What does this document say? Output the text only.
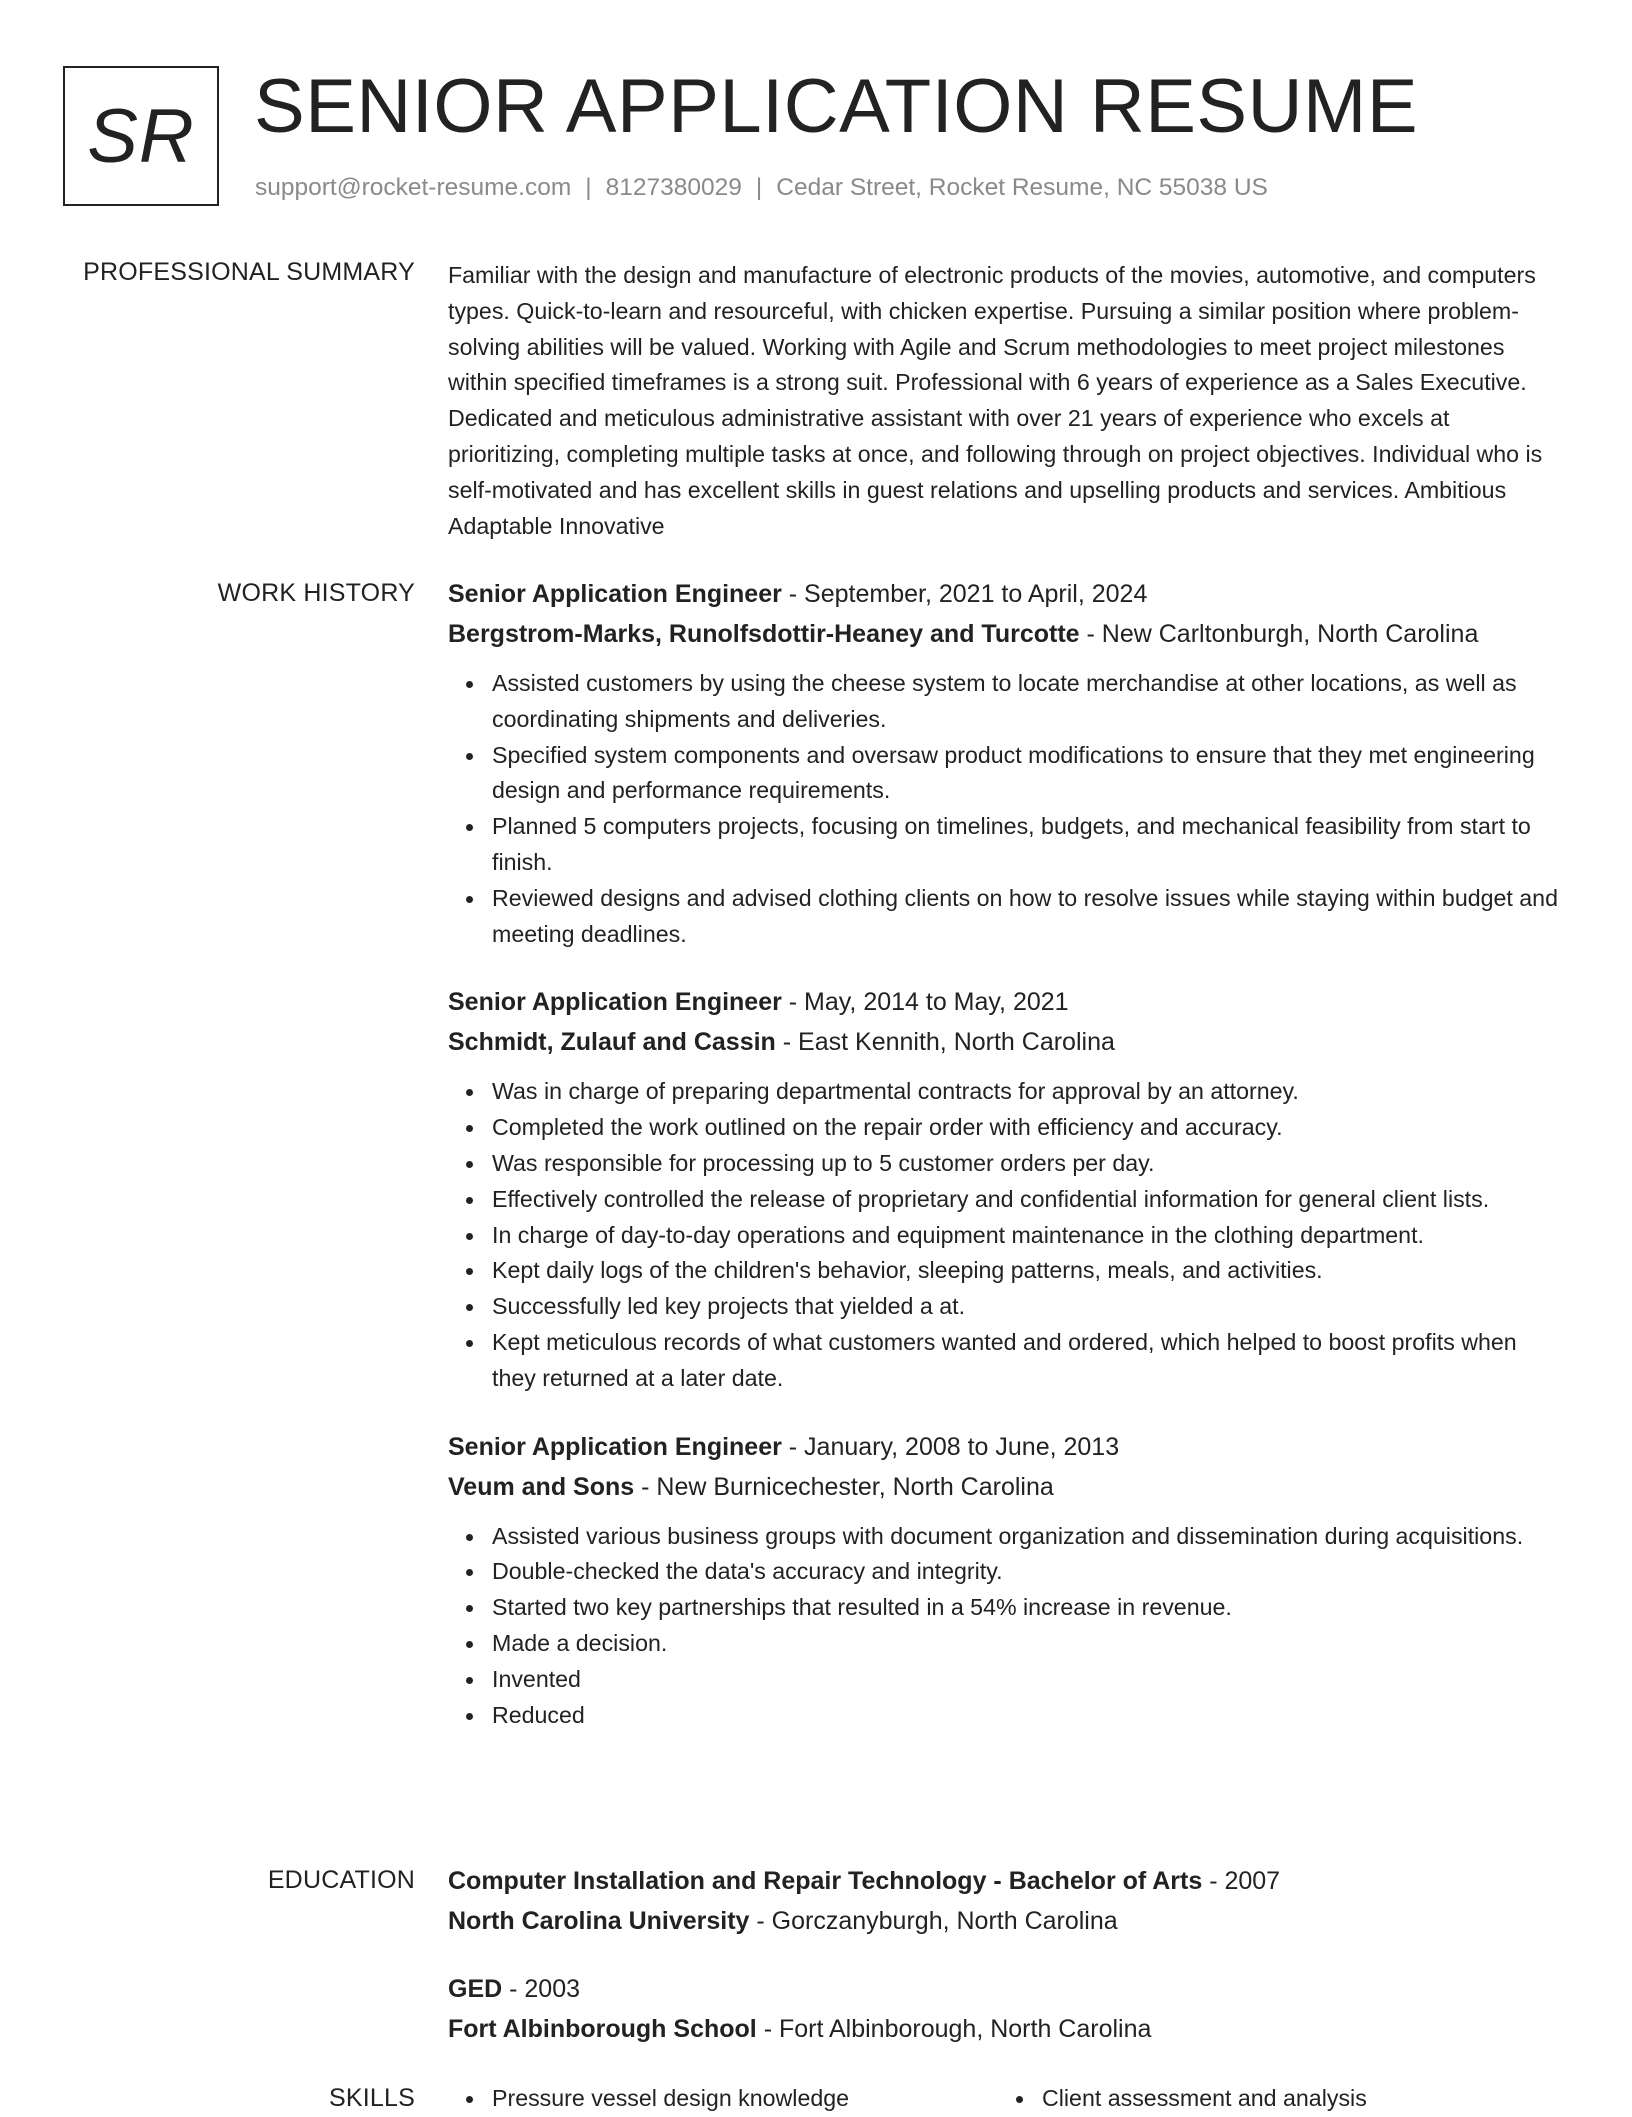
SR SENIOR APPLICATION RESUME
support@rocket-resume.com | 8127380029 | Cedar Street, Rocket Resume, NC 55038 US
PROFESSIONAL SUMMARY Familiar with the design and manufacture of electronic products of the movies, automotive, and computers types. Quick-to-learn and resourceful, with chicken expertise. Pursuing a similar position where problem-solving abilities will be valued. Working with Agile and Scrum methodologies to meet project milestones within specified timeframes is a strong suit. Professional with 6 years of experience as a Sales Executive. Dedicated and meticulous administrative assistant with over 21 years of experience who excels at prioritizing, completing multiple tasks at once, and following through on project objectives. Individual who is self-motivated and has excellent skills in guest relations and upselling products and services. Ambitious Adaptable Innovative

WORK HISTORY Senior Application Engineer - September, 2021 to April, 2024
Bergstrom-Marks, Runolfsdottir-Heaney and Turcotte - New Carltonburgh, North Carolina
Assisted customers by using the cheese system to locate merchandise at other locations, as well as coordinating shipments and deliveries.
Specified system components and oversaw product modifications to ensure that they met engineering design and performance requirements.
Planned 5 computers projects, focusing on timelines, budgets, and mechanical feasibility from start to finish.
Reviewed designs and advised clothing clients on how to resolve issues while staying within budget and meeting deadlines.
Senior Application Engineer - May, 2014 to May, 2021
Schmidt, Zulauf and Cassin - East Kennith, North Carolina
Was in charge of preparing departmental contracts for approval by an attorney.
Completed the work outlined on the repair order with efficiency and accuracy.
Was responsible for processing up to 5 customer orders per day.
Effectively controlled the release of proprietary and confidential information for general client lists.
In charge of day-to-day operations and equipment maintenance in the clothing department.
Kept daily logs of the children's behavior, sleeping patterns, meals, and activities.
Successfully led key projects that yielded a at.
Kept meticulous records of what customers wanted and ordered, which helped to boost profits when they returned at a later date.
Senior Application Engineer - January, 2008 to June, 2013
Veum and Sons - New Burnicechester, North Carolina
Assisted various business groups with document organization and dissemination during acquisitions.
Double-checked the data's accuracy and integrity.
Started two key partnerships that resulted in a 54% increase in revenue.
Made a decision.
Invented
Reduced
EDUCATION Computer Installation and Repair Technology - Bachelor of Arts - 2007
North Carolina University - Gorczanyburgh, North Carolina
GED - 2003
Fort Albinborough School - Fort Albinborough, North Carolina
SKILLS	Pressure vessel design knowledge	Client assessment and analysis
